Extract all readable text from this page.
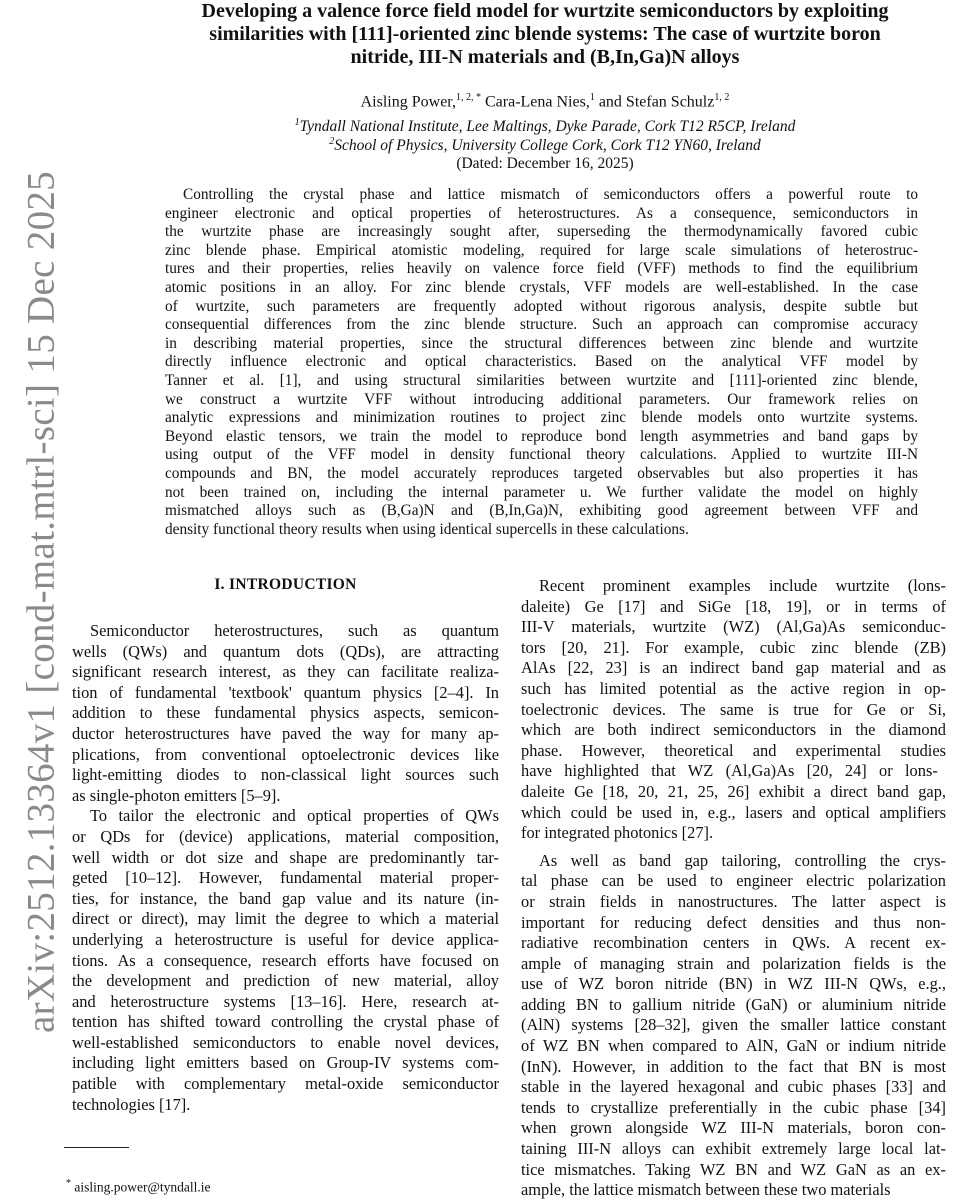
arXiv:2512.13364v1 [cond-mat.mtrl-sci] 15 Dec 2025
Developing a valence force field model for wurtzite semiconductors by exploiting
similarities with [111]-oriented zinc blende systems: The case of wurtzite boron
nitride, III-N materials and (B,In,Ga)N alloys
Aisling Power,$^{1, 2, *}$ Cara-Lena Nies,$^1$ and Stefan Schulz$^{1, 2}$
$^1$Tyndall National Institute, Lee Maltings, Dyke Parade, Cork T12 R5CP, Ireland
$^2$School of Physics, University College Cork, Cork T12 YN60, Ireland
(Dated: December 16, 2025)
Controlling the crystal phase and lattice mismatch of semiconductors offers a powerful route to
engineer electronic and optical properties of heterostructures. As a consequence, semiconductors in
the wurtzite phase are increasingly sought after, superseding the thermodynamically favored cubic
zinc blende phase. Empirical atomistic modeling, required for large scale simulations of heterostruc-
tures and their properties, relies heavily on valence force field (VFF) methods to find the equilibrium
atomic positions in an alloy. For zinc blende crystals, VFF models are well-established. In the case
of wurtzite, such parameters are frequently adopted without rigorous analysis, despite subtle but
consequential differences from the zinc blende structure. Such an approach can compromise accuracy
in describing material properties, since the structural differences between zinc blende and wurtzite
directly influence electronic and optical characteristics. Based on the analytical VFF model by
Tanner et al. [1], and using structural similarities between wurtzite and [111]-oriented zinc blende,
we construct a wurtzite VFF without introducing additional parameters. Our framework relies on
analytic expressions and minimization routines to project zinc blende models onto wurtzite systems.
Beyond elastic tensors, we train the model to reproduce bond length asymmetries and band gaps by
using output of the VFF model in density functional theory calculations. Applied to wurtzite III-N
compounds and BN, the model accurately reproduces targeted observables but also properties it has
not been trained on, including the internal parameter u. We further validate the model on highly
mismatched alloys such as (B,Ga)N and (B,In,Ga)N, exhibiting good agreement between VFF and
density functional theory results when using identical supercells in these calculations.
I. INTRODUCTION
Semiconductor heterostructures, such as quantum
wells (QWs) and quantum dots (QDs), are attracting
significant research interest, as they can facilitate realiza-
tion of fundamental 'textbook' quantum physics [2–4]. In
addition to these fundamental physics aspects, semicon-
ductor heterostructures have paved the way for many ap-
plications, from conventional optoelectronic devices like
light-emitting diodes to non-classical light sources such
as single-photon emitters [5–9].
To tailor the electronic and optical properties of QWs
or QDs for (device) applications, material composition,
well width or dot size and shape are predominantly tar-
geted [10–12]. However, fundamental material proper-
ties, for instance, the band gap value and its nature (in-
direct or direct), may limit the degree to which a material
underlying a heterostructure is useful for device applica-
tions. As a consequence, research efforts have focused on
the development and prediction of new material, alloy
and heterostructure systems [13–16]. Here, research at-
tention has shifted toward controlling the crystal phase of
well-established semiconductors to enable novel devices,
including light emitters based on Group-IV systems com-
patible with complementary metal-oxide semiconductor
technologies [17].
Recent prominent examples include wurtzite (lons-
daleite) Ge [17] and SiGe [18, 19], or in terms of
III-V materials, wurtzite (WZ) (Al,Ga)As semiconduc-
tors [20, 21]. For example, cubic zinc blende (ZB)
AlAs [22, 23] is an indirect band gap material and as
such has limited potential as the active region in op-
toelectronic devices. The same is true for Ge or Si,
which are both indirect semiconductors in the diamond
phase. However, theoretical and experimental studies
have highlighted that WZ (Al,Ga)As [20, 24] or lons-
daleite Ge [18, 20, 21, 25, 26] exhibit a direct band gap,
which could be used in, e.g., lasers and optical amplifiers
for integrated photonics [27].
As well as band gap tailoring, controlling the crys-
tal phase can be used to engineer electric polarization
or strain fields in nanostructures. The latter aspect is
important for reducing defect densities and thus non-
radiative recombination centers in QWs. A recent ex-
ample of managing strain and polarization fields is the
use of WZ boron nitride (BN) in WZ III-N QWs, e.g.,
adding BN to gallium nitride (GaN) or aluminium nitride
(AlN) systems [28–32], given the smaller lattice constant
of WZ BN when compared to AlN, GaN or indium nitride
(InN). However, in addition to the fact that BN is most
stable in the layered hexagonal and cubic phases [33] and
tends to crystallize preferentially in the cubic phase [34]
when grown alongside WZ III-N materials, boron con-
taining III-N alloys can exhibit extremely large local lat-
tice mismatches. Taking WZ BN and WZ GaN as an ex-
ample, the lattice mismatch between these two materials
* aisling.power@tyndall.ie
